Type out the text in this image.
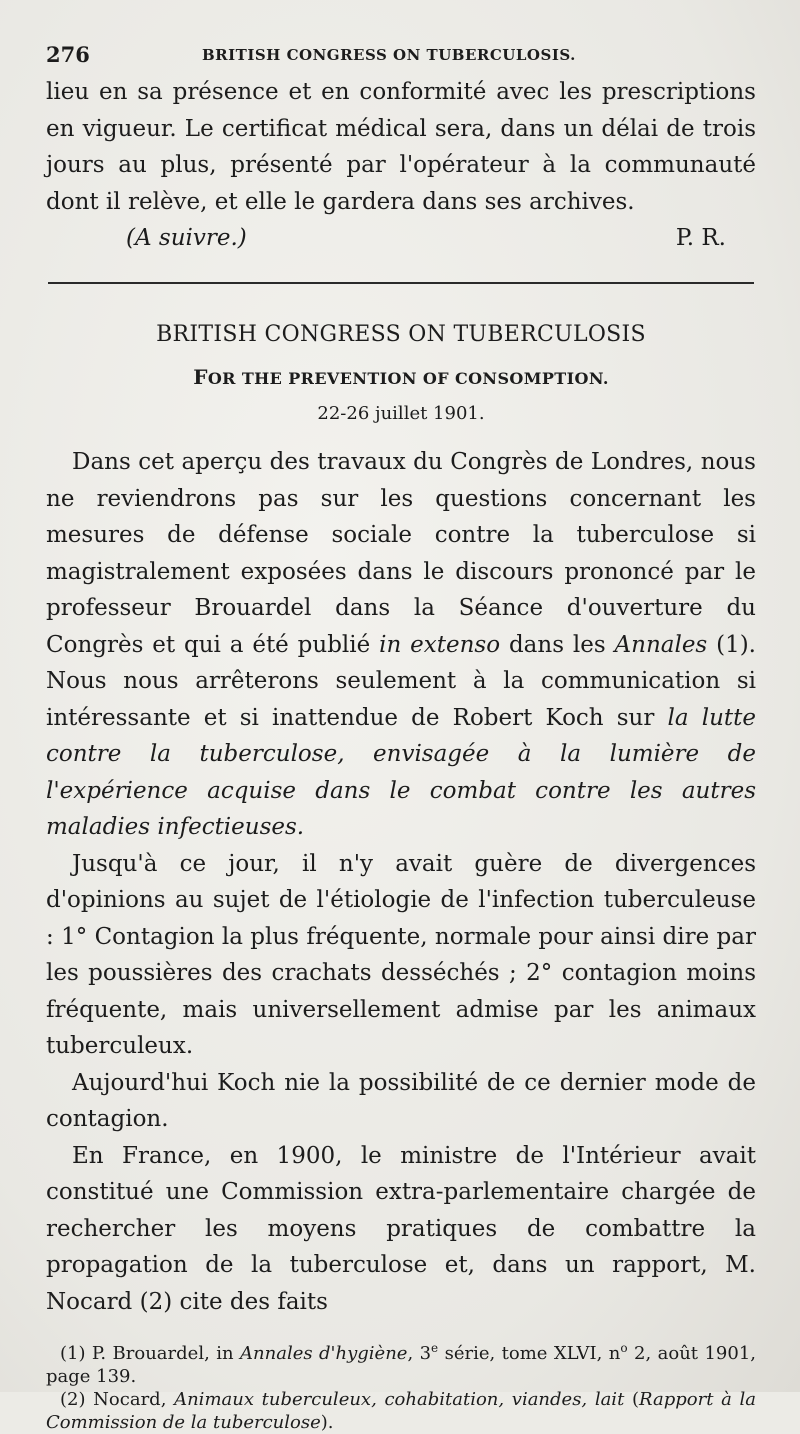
276	BRITISH CONGRESS ON TUBERCULOSIS.

lieu en sa présence et en conformité avec les prescriptions en vigueur. Le certificat médical sera, dans un délai de trois jours au plus, présenté par l'opérateur à la communauté dont il relève, et elle le gardera dans ses archives.

(A suivre.)	P. R.
BRITISH CONGRESS ON TUBERCULOSIS
FOR THE PREVENTION OF CONSOMPTION.
22-26 juillet 1901.

Dans cet aperçu des travaux du Congrès de Londres, nous ne reviendrons pas sur les questions concernant les mesures de défense sociale contre la tuberculose si magistralement exposées dans le discours prononcé par le professeur Brouardel dans la Séance d'ouverture du Congrès et qui a été publié in extenso dans les Annales (1). Nous nous arrêterons seulement à la communication si intéressante et si inattendue de Robert Koch sur la lutte contre la tuberculose, envisagée à la lumière de l'expérience acquise dans le combat contre les autres maladies infectieuses.

Jusqu'à ce jour, il n'y avait guère de divergences d'opinions au sujet de l'étiologie de l'infection tuberculeuse : 1° Contagion la plus fréquente, normale pour ainsi dire par les poussières des crachats desséchés ; 2° contagion moins fréquente, mais universellement admise par les animaux tuberculeux.

Aujourd'hui Koch nie la possibilité de ce dernier mode de contagion.

En France, en 1900, le ministre de l'Intérieur avait constitué une Commission extra-parlementaire chargée de rechercher les moyens pratiques de combattre la propagation de la tuberculose et, dans un rapport, M. Nocard (2) cite des faits

(1) P. Brouardel, in Annales d'hygiène, 3e série, tome XLVI, $n^o$ 2, août 1901, page 139.

(2) Nocard, Animaux tuberculeux, cohabitation, viandes, lait (Rapport à la Commission de la tuberculose).
